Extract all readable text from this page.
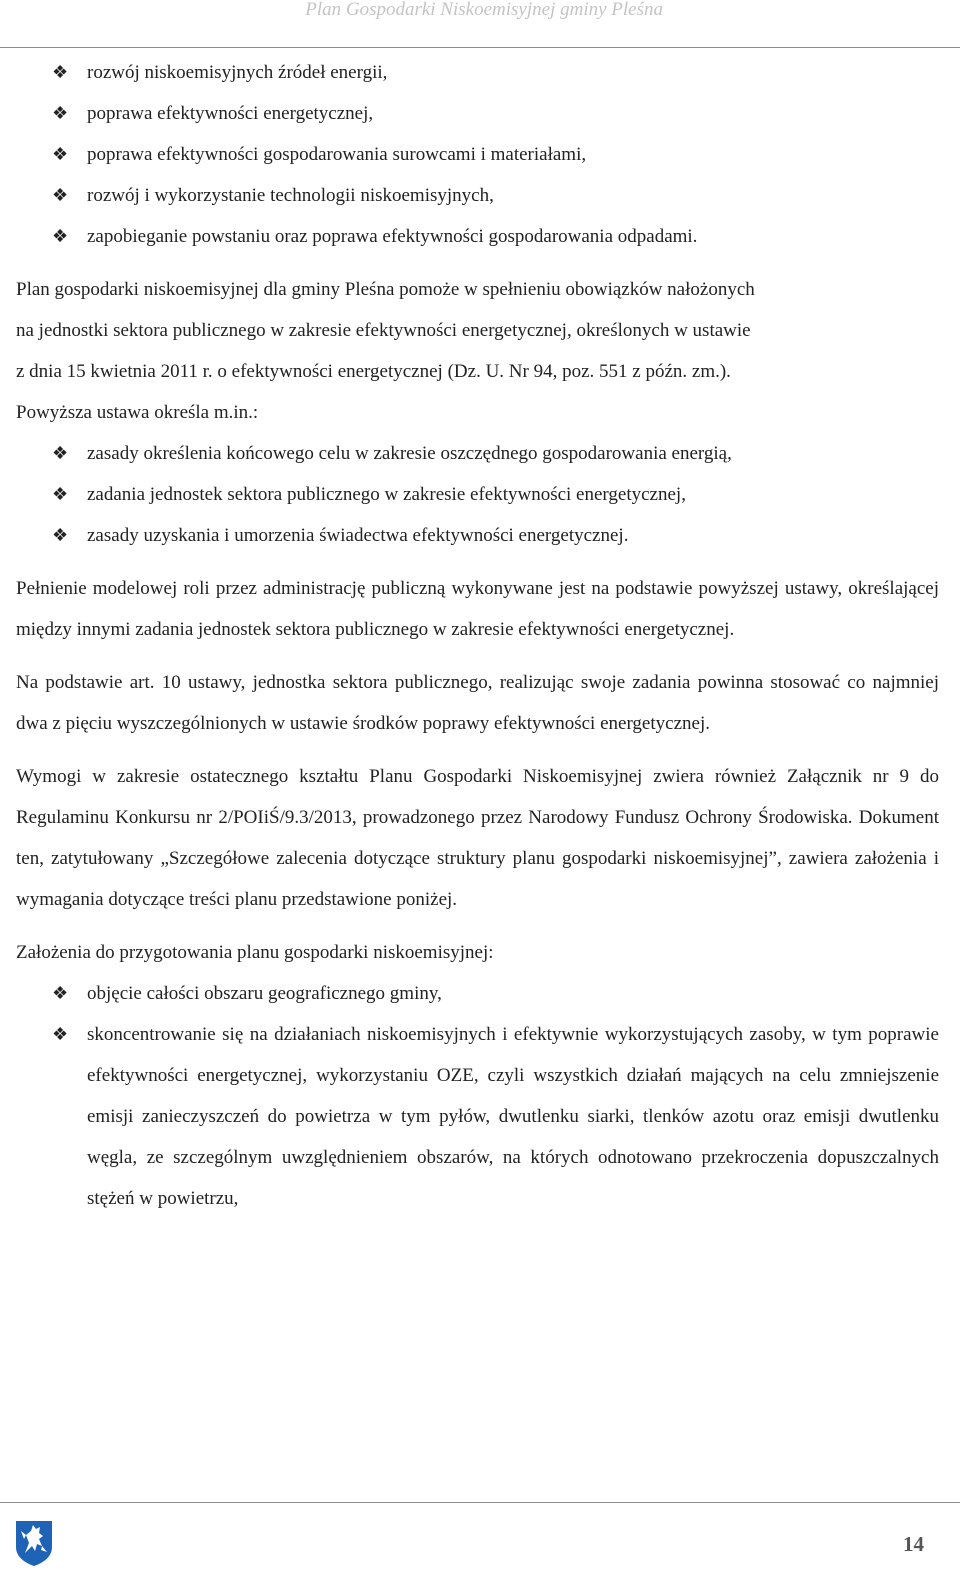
Plan Gospodarki Niskoemisyjnej gminy Pleśna
❖ rozwój niskoemisyjnych źródeł energii,
❖ poprawa efektywności energetycznej,
❖ poprawa efektywności gospodarowania surowcami i materiałami,
❖ rozwój i wykorzystanie technologii niskoemisyjnych,
❖ zapobieganie powstaniu oraz poprawa efektywności gospodarowania odpadami.

Plan gospodarki niskoemisyjnej dla gminy Pleśna pomoże w spełnieniu obowiązków nałożonych
na jednostki sektora publicznego w zakresie efektywności energetycznej, określonych w ustawie
z dnia 15 kwietnia 2011 r. o efektywności energetycznej (Dz. U. Nr 94, poz. 551 z późn. zm.).
Powyższa ustawa określa m.in.:

❖ zasady określenia końcowego celu w zakresie oszczędnego gospodarowania energią,
❖ zadania jednostek sektora publicznego w zakresie efektywności energetycznej,
❖ zasady uzyskania i umorzenia świadectwa efektywności energetycznej.

Pełnienie modelowej roli przez administrację publiczną wykonywane jest na podstawie powyższej ustawy, określającej między innymi zadania jednostek sektora publicznego w zakresie efektywności energetycznej.

Na podstawie art. 10 ustawy, jednostka sektora publicznego, realizując swoje zadania powinna stosować co najmniej dwa z pięciu wyszczególnionych w ustawie środków poprawy efektywności energetycznej.

Wymogi w zakresie ostatecznego kształtu Planu Gospodarki Niskoemisyjnej zwiera również Załącznik nr 9 do Regulaminu Konkursu nr 2/POIiŚ/9.3/2013, prowadzonego przez Narodowy Fundusz Ochrony Środowiska. Dokument ten, zatytułowany „Szczegółowe zalecenia dotyczące struktury planu gospodarki niskoemisyjnej”, zawiera założenia i wymagania dotyczące treści planu przedstawione poniżej.

Założenia do przygotowania planu gospodarki niskoemisyjnej:

❖ objęcie całości obszaru geograficznego gminy,
❖ skoncentrowanie się na działaniach niskoemisyjnych i efektywnie wykorzystujących zasoby, w tym poprawie efektywności energetycznej, wykorzystaniu OZE, czyli wszystkich działań mających na celu zmniejszenie emisji zanieczyszczeń do powietrza w tym pyłów, dwutlenku siarki, tlenków azotu oraz emisji dwutlenku węgla, ze szczególnym uwzględnieniem obszarów, na których odnotowano przekroczenia dopuszczalnych stężeń w powietrzu,
14
